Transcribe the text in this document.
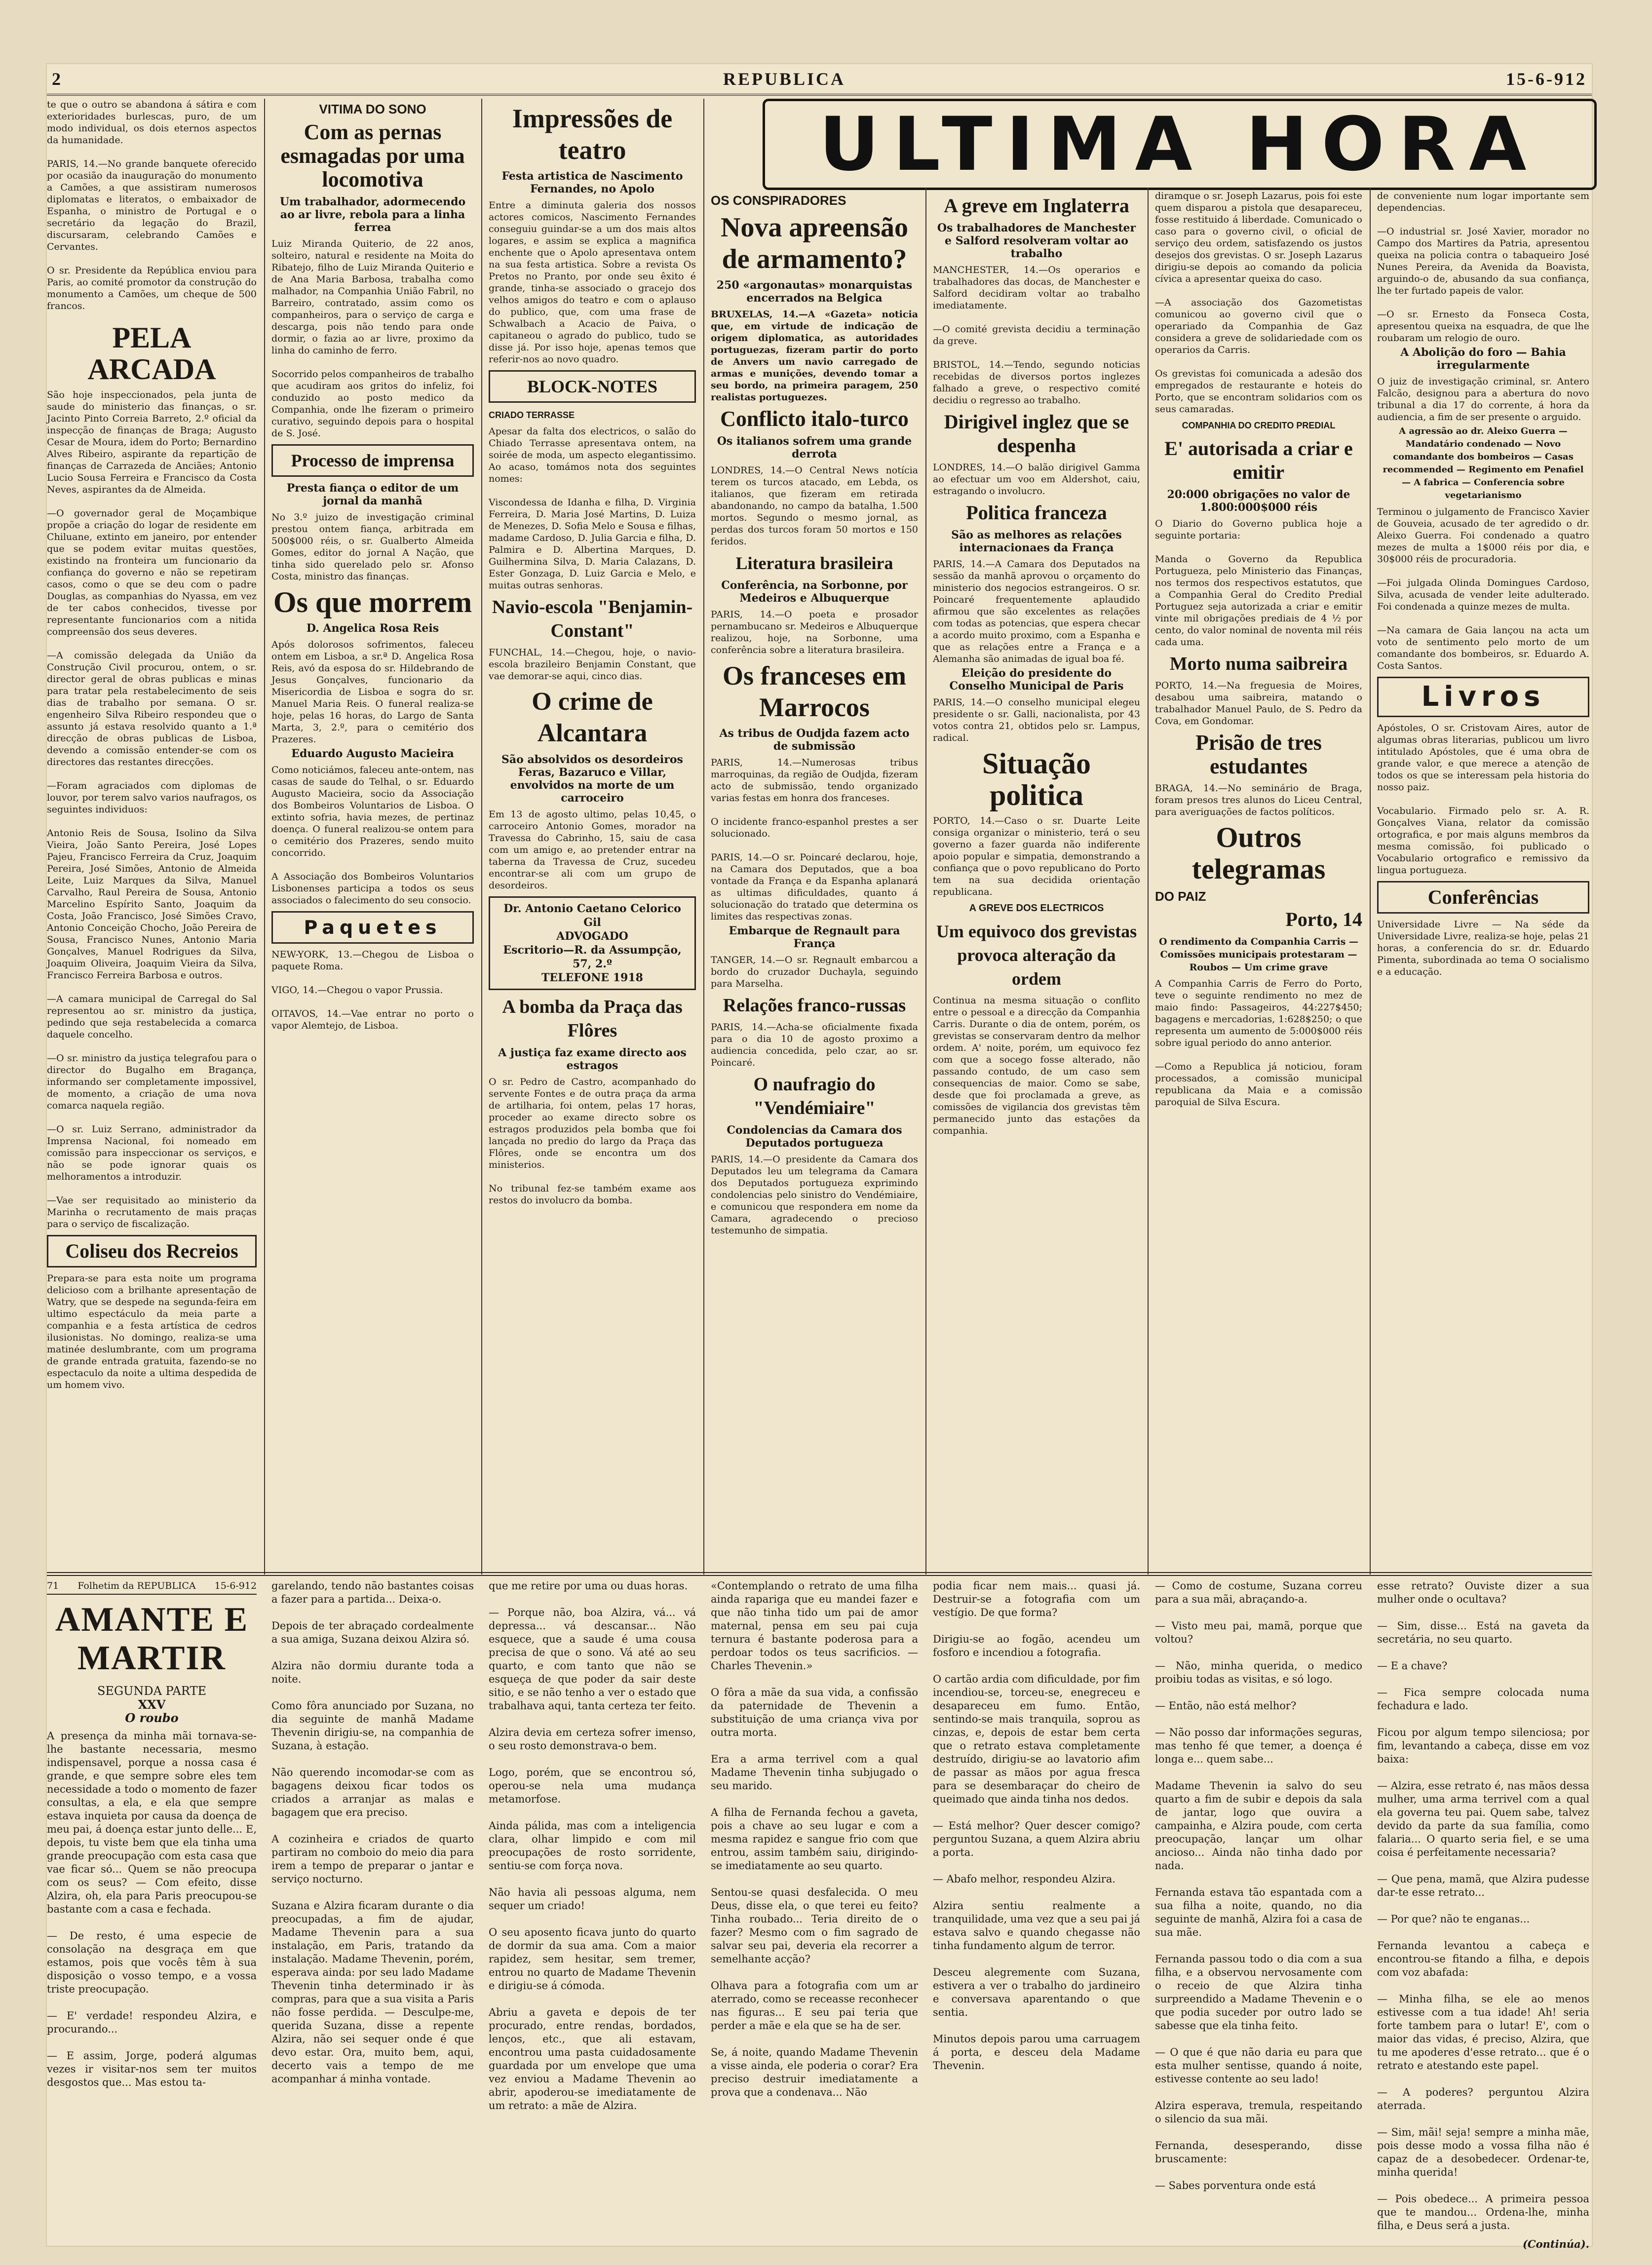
2	REPUBLICA	15-6-912
ULTIMA HORA
te que o outro se abandona á sátira e com exterioridades burlescas, puro, de um modo individual, os dois eternos aspectos da humanidade.

PARIS, 14.—No grande banquete oferecido por ocasião da inauguração do monumento a Camões, a que assistiram numerosos diplomatas e literatos, o embaixador de Espanha, o ministro de Portugal e o secretário da legação do Brazil, discursaram, celebrando Camões e Cervantes.

O sr. Presidente da República enviou para Paris, ao comité promotor da construção do monumento a Camões, um cheque de 500 francos.
PELA ARCADA
São hoje inspeccionados, pela junta de saude do ministerio das finanças, o sr. Jacinto Pinto Correia Barreto, 2.º oficial da inspecção de finanças de Braga; Augusto Cesar de Moura, idem do Porto; Bernardino Alves Ribeiro, aspirante da repartição de finanças de Carrazeda de Anciães; Antonio Lucio Sousa Ferreira e Francisco da Costa Neves, aspirantes da de Almeida.

—O governador geral de Moçambique propõe a criação do logar de residente em Chiluane, extinto em janeiro, por entender que se podem evitar muitas questões, existindo na fronteira um funcionario da confiança do governo e não se repetiram casos, como o que se deu com o padre Douglas, as companhias do Nyassa, em vez de ter cabos conhecidos, tivesse por representante funcionarios com a nitida compreensão dos seus deveres.

—A comissão delegada da União da Construção Civil procurou, ontem, o sr. director geral de obras publicas e minas para tratar pela restabelecimento de seis dias de trabalho por semana. O sr. engenheiro Silva Ribeiro respondeu que o assunto já estava resolvido quanto a 1.ª direcção de obras publicas de Lisboa, devendo a comissão entender-se com os directores das restantes direcções.

—Foram agraciados com diplomas de louvor, por terem salvo varios naufragos, os seguintes individuos:

Antonio Reis de Sousa, Isolino da Silva Vieira, João Santo Pereira, José Lopes Pajeu, Francisco Ferreira da Cruz, Joaquim Pereira, José Simões, Antonio de Almeida Leite, Luiz Marques da Silva, Manuel Carvalho, Raul Pereira de Sousa, Antonio Marcelino Espírito Santo, Joaquim da Costa, João Francisco, José Simões Cravo, Antonio Conceição Chocho, João Pereira de Sousa, Francisco Nunes, Antonio Maria Gonçalves, Manuel Rodrigues da Silva, Joaquim Oliveira, Joaquim Vieira da Silva, Francisco Ferreira Barbosa e outros.

—A camara municipal de Carregal do Sal representou ao sr. ministro da justiça, pedindo que seja restabelecida a comarca daquele concelho.

—O sr. ministro da justiça telegrafou para o director do Bugalho em Bragança, informando ser completamente impossivel, de momento, a criação de uma nova comarca naquela região.

—O sr. Luiz Serrano, administrador da Imprensa Nacional, foi nomeado em comissão para inspeccionar os serviços, e não se pode ignorar quais os melhoramentos a introduzir.

—Vae ser requisitado ao ministerio da Marinha o recrutamento de mais praças para o serviço de fiscalização.
Coliseu dos Recreios
Prepara-se para esta noite um programa delicioso com a brilhante apresentação de Watry, que se despede na segunda-feira em ultimo espectáculo da meia parte a companhia e a festa artística de cedros ilusionistas. No domingo, realiza-se uma matinée deslumbrante, com um programa de grande entrada gratuita, fazendo-se no espectaculo da noite a ultima despedida de um homem vivo.
VITIMA DO SONO
Com as pernas esmagadas por uma locomotiva
Um trabalhador, adormecendo ao ar livre, rebola para a linha ferrea
Luiz Miranda Quiterio, de 22 anos, solteiro, natural e residente na Moita do Ribatejo, filho de Luiz Miranda Quiterio e de Ana Maria Barbosa, trabalha como malhador, na Companhia União Fabril, no Barreiro, contratado, assim como os companheiros, para o serviço de carga e descarga, pois não tendo para onde dormir, o fazia ao ar livre, proximo da linha do caminho de ferro.

Socorrido pelos companheiros de trabalho que acudiram aos gritos do infeliz, foi conduzido ao posto medico da Companhia, onde lhe fizeram o primeiro curativo, seguindo depois para o hospital de S. José.
Processo de imprensa
Presta fiança o editor de um jornal da manhã
No 3.º juizo de investigação criminal prestou ontem fiança, arbitrada em 500$000 réis, o sr. Gualberto Almeida Gomes, editor do jornal A Nação, que tinha sido querelado pelo sr. Afonso Costa, ministro das finanças.
Os que morrem
D. Angelica Rosa Reis
Após dolorosos sofrimentos, faleceu ontem em Lisboa, a sr.ª D. Angelica Rosa Reis, avó da esposa do sr. Hildebrando de Jesus Gonçalves, funcionario da Misericordia de Lisboa e sogra do sr. Manuel Maria Reis. O funeral realiza-se hoje, pelas 16 horas, do Largo de Santa Marta, 3, 2.º, para o cemitério dos Prazeres.
Eduardo Augusto Macieira
Como noticiámos, faleceu ante-ontem, nas casas de saude do Telhal, o sr. Eduardo Augusto Macieira, socio da Associação dos Bombeiros Voluntarios de Lisboa. O extinto sofria, havia mezes, de pertinaz doença. O funeral realizou-se ontem para o cemitério dos Prazeres, sendo muito concorrido.

A Associação dos Bombeiros Voluntarios Lisbonenses participa a todos os seus associados o falecimento do seu consocio.
Paquetes
NEW-YORK, 13.—Chegou de Lisboa o paquete Roma.

VIGO, 14.—Chegou o vapor Prussia.

OITAVOS, 14.—Vae entrar no porto o vapor Alemtejo, de Lisboa.
Impressões de teatro
Festa artistica de Nascimento Fernandes, no Apolo
Entre a diminuta galeria dos nossos actores comicos, Nascimento Fernandes conseguiu guindar-se a um dos mais altos logares, e assim se explica a magnifica enchente que o Apolo apresentava ontem na sua festa artistica. Sobre a revista Os Pretos no Pranto, por onde seu êxito é grande, tinha-se associado o gracejo dos velhos amigos do teatro e com o aplauso do publico, que, com uma frase de Schwalbach a Acacio de Paiva, o capitaneou o agrado do publico, tudo se disse já. Por isso hoje, apenas temos que referir-nos ao novo quadro.
BLOCK-NOTES
CRIADO TERRASSE
Apesar da falta dos electricos, o salão do Chiado Terrasse apresentava ontem, na soirée de moda, um aspecto elegantissimo. Ao acaso, tomámos nota dos seguintes nomes:

Viscondessa de Idanha e filha, D. Virginia Ferreira, D. Maria José Martins, D. Luiza de Menezes, D. Sofia Melo e Sousa e filhas, madame Cardoso, D. Julia Garcia e filha, D. Palmira e D. Albertina Marques, D. Guilhermina Silva, D. Maria Calazans, D. Ester Gonzaga, D. Luiz Garcia e Melo, e muitas outras senhoras.
Navio-escola "Benjamin-Constant"
FUNCHAL, 14.—Chegou, hoje, o navio-escola brazileiro Benjamin Constant, que vae demorar-se aqui, cinco dias.
O crime de Alcantara
São absolvidos os desordeiros Feras, Bazaruco e Villar, envolvidos na morte de um carroceiro
Em 13 de agosto ultimo, pelas 10,45, o carroceiro Antonio Gomes, morador na Travessa do Cabrinho, 15, saiu de casa com um amigo e, ao pretender entrar na taberna da Travessa de Cruz, sucedeu encontrar-se ali com um grupo de desordeiros.
Dr. Antonio Caetano Celorico Gil
ADVOGADO
Escritorio—R. da Assumpção, 57, 2.º
TELEFONE 1918
A bomba da Praça das Flôres
A justiça faz exame directo aos estragos
O sr. Pedro de Castro, acompanhado do servente Fontes e de outra praça da arma de artilharia, foi ontem, pelas 17 horas, proceder ao exame directo sobre os estragos produzidos pela bomba que foi lançada no predio do largo da Praça das Flôres, onde se encontra um dos ministerios.

No tribunal fez-se também exame aos restos do involucro da bomba.
OS CONSPIRADORES
Nova apreensão de armamento?
250 «argonautas» monarquistas encerrados na Belgica
BRUXELAS, 14.—A «Gazeta» noticia que, em virtude de indicação de origem diplomatica, as autoridades portuguezas, fizeram partir do porto de Anvers um navio carregado de armas e munições, devendo tomar a seu bordo, na primeira paragem, 250 realistas portuguezes.
Conflicto italo-turco
Os italianos sofrem uma grande derrota
LONDRES, 14.—O Central News notícia terem os turcos atacado, em Lebda, os italianos, que fizeram em retirada abandonando, no campo da batalha, 1.500 mortos. Segundo o mesmo jornal, as perdas dos turcos foram 50 mortos e 150 feridos.
Literatura brasileira
Conferência, na Sorbonne, por Medeiros e Albuquerque
PARIS, 14.—O poeta e prosador pernambucano sr. Medeiros e Albuquerque realizou, hoje, na Sorbonne, uma conferência sobre a literatura brasileira.
Os franceses em Marrocos
As tribus de Oudjda fazem acto de submissão
PARIS, 14.—Numerosas tribus marroquinas, da região de Oudjda, fizeram acto de submissão, tendo organizado varias festas em honra dos franceses.

O incidente franco-espanhol prestes a ser solucionado.

PARIS, 14.—O sr. Poincaré declarou, hoje, na Camara dos Deputados, que a boa vontade da França e da Espanha aplanará as ultimas dificuldades, quanto á solucionação do tratado que determina os limites das respectivas zonas.
Embarque de Regnault para França
TANGER, 14.—O sr. Regnault embarcou a bordo do cruzador Duchayla, seguindo para Marselha.
Relações franco-russas
PARIS, 14.—Acha-se oficialmente fixada para o dia 10 de agosto proximo a audiencia concedida, pelo czar, ao sr. Poincaré.
O naufragio do "Vendémiaire"
Condolencias da Camara dos Deputados portugueza
PARIS, 14.—O presidente da Camara dos Deputados leu um telegrama da Camara dos Deputados portugueza exprimindo condolencias pelo sinistro do Vendémiaire, e comunicou que respondera em nome da Camara, agradecendo o precioso testemunho de simpatia.
A greve em Inglaterra
Os trabalhadores de Manchester e Salford resolveram voltar ao trabalho
MANCHESTER, 14.—Os operarios e trabalhadores das docas, de Manchester e Salford decidiram voltar ao trabalho imediatamente.

—O comité grevista decidiu a terminação da greve.

BRISTOL, 14.—Tendo, segundo noticias recebidas de diversos portos inglezes falhado a greve, o respectivo comité decidiu o regresso ao trabalho.
Dirigivel inglez que se despenha
LONDRES, 14.—O balão dirigivel Gamma ao efectuar um voo em Aldershot, caiu, estragando o involucro.
Politica franceza
São as melhores as relações internacionaes da França
PARIS, 14.—A Camara dos Deputados na sessão da manhã aprovou o orçamento do ministerio dos negocios estrangeiros. O sr. Poincaré frequentemente aplaudido afirmou que são excelentes as relações com todas as potencias, que espera checar a acordo muito proximo, com a Espanha e que as relações entre a França e a Alemanha são animadas de igual boa fé.
Eleição do presidente do Conselho Municipal de Paris
PARIS, 14.—O conselho municipal elegeu presidente o sr. Galli, nacionalista, por 43 votos contra 21, obtidos pelo sr. Lampus, radical.
Situação politica
PORTO, 14.—Caso o sr. Duarte Leite consiga organizar o ministerio, terá o seu governo a fazer guarda não indiferente apoio popular e simpatia, demonstrando a confiança que o povo republicano do Porto tem na sua decidida orientação republicana.
A GREVE DOS ELECTRICOS
Um equivoco dos grevistas provoca alteração da ordem
Continua na mesma situação o conflito entre o pessoal e a direcção da Companhia Carris. Durante o dia de ontem, porém, os grevistas se conservaram dentro da melhor ordem. A' noite, porém, um equivoco fez com que a socego fosse alterado, não passando contudo, de um caso sem consequencias de maior. Como se sabe, desde que foi proclamada a greve, as comissões de vigilancia dos grevistas têm permanecido junto das estações da companhia.
diramque o sr. Joseph Lazarus, pois foi este quem disparou a pistola que desapareceu, fosse restituido á liberdade. Comunicado o caso para o governo civil, o oficial de serviço deu ordem, satisfazendo os justos desejos dos grevistas. O sr. Joseph Lazarus dirigiu-se depois ao comando da policia cívica a apresentar queixa do caso.

—A associação dos Gazometistas comunicou ao governo civil que o operariado da Companhia de Gaz considera a greve de solidariedade com os operarios da Carris.

Os grevistas foi comunicada a adesão dos empregados de restaurante e hoteis do Porto, que se encontram solidarios com os seus camaradas.
COMPANHIA DO CREDITO PREDIAL
E' autorisada a criar e emitir
20:000 obrigações no valor de 1.800:000$000 réis
O Diario do Governo publica hoje a seguinte portaria:

Manda o Governo da Republica Portugueza, pelo Ministerio das Finanças, nos termos dos respectivos estatutos, que a Companhia Geral do Credito Predial Portuguez seja autorizada a criar e emitir vinte mil obrigações prediais de 4 ½ por cento, do valor nominal de noventa mil réis cada uma.
Morto numa saibreira
PORTO, 14.—Na freguesia de Moires, desabou uma saibreira, matando o trabalhador Manuel Paulo, de S. Pedro da Cova, em Gondomar.
Prisão de tres estudantes
BRAGA, 14.—No seminário de Braga, foram presos tres alunos do Liceu Central, para averiguações de factos políticos.
Outros telegramas
DO PAIZ
Porto, 14
O rendimento da Companhia Carris — Comissões municipais protestaram — Roubos — Um crime grave
A Companhia Carris de Ferro do Porto, teve o seguinte rendimento no mez de maio findo: Passageiros, 44:227$450; bagagens e mercadorias, 1:628$250; o que representa um aumento de 5:000$000 réis sobre igual periodo do anno anterior.

—Como a Republica já noticiou, foram processados, a comissão municipal republicana da Maia e a comissão paroquial de Silva Escura.
de conveniente num logar importante sem dependencias.

—O industrial sr. José Xavier, morador no Campo dos Martires da Patria, apresentou queixa na policia contra o tabaqueiro José Nunes Pereira, da Avenida da Boavista, arguindo-o de, abusando da sua confiança, lhe ter furtado papeis de valor.

—O sr. Ernesto da Fonseca Costa, apresentou queixa na esquadra, de que lhe roubaram um relogio de ouro.
A Abolição do foro — Bahia irregularmente
O juiz de investigação criminal, sr. Antero Falcão, designou para a abertura do novo tribunal a dia 17 do corrente, á hora da audiencia, a fim de ser presente o arguido.
A agressão ao dr. Aleixo Guerra — Mandatário condenado — Novo comandante dos bombeiros — Casas recommended — Regimento em Penafiel — A fabrica — Conferencia sobre vegetarianismo
Terminou o julgamento de Francisco Xavier de Gouveia, acusado de ter agredido o dr. Aleixo Guerra. Foi condenado a quatro mezes de multa a 1$000 réis por dia, e 30$000 réis de procuradoria.

—Foi julgada Olinda Domingues Cardoso, Silva, acusada de vender leite adulterado. Foi condenada a quinze mezes de multa.

—Na camara de Gaia lançou na acta um voto de sentimento pelo morto de um comandante dos bombeiros, sr. Eduardo A. Costa Santos.
Livros
Apóstoles, O sr. Cristovam Aires, autor de algumas obras literarias, publicou um livro intitulado Apóstoles, que é uma obra de grande valor, e que merece a atenção de todos os que se interessam pela historia do nosso paiz.

Vocabulario. Firmado pelo sr. A. R. Gonçalves Viana, relator da comissão ortografica, e por mais alguns membros da mesma comissão, foi publicado o Vocabulario ortografico e remissivo da lingua portugueza.
Conferências
Universidade Livre — Na séde da Universidade Livre, realiza-se hoje, pelas 21 horas, a conferencia do sr. dr. Eduardo Pimenta, subordinada ao tema O socialismo e a educação.
71 Folhetim da REPUBLICA 15-6-912
AMANTE E MARTIR
SEGUNDA PARTE
XXV
O roubo
A presença da minha mãi tornava-se-lhe bastante necessaria, mesmo indispensavel, porque a nossa casa é grande, e que sempre sobre eles tem necessidade a todo o momento de fazer consultas, a ela, e ela que sempre estava inquieta por causa da doença de meu pai, á doença estar junto delle... E, depois, tu viste bem que ela tinha uma grande preocupação com esta casa que vae ficar só... Quem se não preocupa com os seus? — Com efeito, disse Alzira, oh, ela para Paris preocupou-se bastante com a casa e fechada.

— De resto, é uma especie de consolação na desgraça em que estamos, pois que vocês têm à sua disposição o vosso tempo, e a vossa triste preocupação.

— E' verdade! respondeu Alzira, e procurando...

— E assim, Jorge, poderá algumas vezes ir visitar-nos sem ter muitos desgostos que... Mas estou ta-
garelando, tendo não bastantes coisas a fazer para a partida... Deixa-o.

Depois de ter abraçado cordealmente a sua amiga, Suzana deixou Alzira só.

Alzira não dormiu durante toda a noite.

Como fôra anunciado por Suzana, no dia seguinte de manhã Madame Thevenin dirigiu-se, na companhia de Suzana, à estação.

Não querendo incomodar-se com as bagagens deixou ficar todos os criados a arranjar as malas e bagagem que era preciso.

A cozinheira e criados de quarto partiram no comboio do meio dia para irem a tempo de preparar o jantar e serviço nocturno.

Suzana e Alzira ficaram durante o dia preocupadas, a fim de ajudar, Madame Thevenin para a sua instalação, em Paris, tratando da instalação. Madame Thevenin, porém, esperava ainda: por seu lado Madame Thevenin tinha determinado ir às compras, para que a sua visita a Paris não fosse perdida. — Desculpe-me, querida Suzana, disse a repente Alzira, não sei sequer onde é que devo estar. Ora, muito bem, aqui, decerto vais a tempo de me acompanhar á minha vontade.
que me retire por uma ou duas horas.

— Porque não, boa Alzira, vá... vá depressa... vá descansar... Não esquece, que a saude é uma cousa precisa de que o sono. Vá até ao seu quarto, e com tanto que não se esqueça de que poder da sair deste sitio, e se não tenho a ver o estado que trabalhava aqui, tanta certeza ter feito.

Alzira devia em certeza sofrer imenso, o seu rosto demonstrava-o bem.

Logo, porém, que se encontrou só, operou-se nela uma mudança metamorfose.

Ainda pálida, mas com a inteligencia clara, olhar limpido e com mil preocupações de rosto sorridente, sentiu-se com força nova.

Não havia ali pessoas alguma, nem sequer um criado!

O seu aposento ficava junto do quarto de dormir da sua ama. Com a maior rapidez, sem hesitar, sem tremer, entrou no quarto de Madame Thevenin e dirigiu-se á cómoda.

Abriu a gaveta e depois de ter procurado, entre rendas, bordados, lenços, etc., que ali estavam, encontrou uma pasta cuidadosamente guardada por um envelope que uma vez enviou a Madame Thevenin ao abrir, apoderou-se imediatamente de um retrato: a mãe de Alzira.
«Contemplando o retrato de uma filha ainda rapariga que eu mandei fazer e que não tinha tido um pai de amor maternal, pensa em seu pai cuja ternura é bastante poderosa para a perdoar todos os teus sacrificios. — Charles Thevenin.»

O fôra a mãe da sua vida, a confissão da paternidade de Thevenin a substituição de uma criança viva por outra morta.

Era a arma terrivel com a qual Madame Thevenin tinha subjugado o seu marido.

A filha de Fernanda fechou a gaveta, pois a chave ao seu lugar e com a mesma rapidez e sangue frio com que entrou, assim também saiu, dirigindo-se imediatamente ao seu quarto.

Sentou-se quasi desfalecida. O meu Deus, disse ela, o que terei eu feito? Tinha roubado... Teria direito de o fazer? Mesmo com o fim sagrado de salvar seu pai, deveria ela recorrer a semelhante acção?

Olhava para a fotografia com um ar aterrado, como se receasse reconhecer nas figuras... E seu pai teria que perder a mãe e ela que se ha de ser.

Se, á noite, quando Madame Thevenin a visse ainda, ele poderia o corar? Era preciso destruir imediatamente a prova que a condenava... Não
podia ficar nem mais... quasi já. Destruir-se a fotografia com um vestígio. De que forma?

Dirigiu-se ao fogão, acendeu um fosforo e incendiou a fotografia.

O cartão ardia com dificuldade, por fim incendiou-se, torceu-se, enegreceu e desapareceu em fumo. Então, sentindo-se mais tranquila, soprou as cinzas, e, depois de estar bem certa que o retrato estava completamente destruído, dirigiu-se ao lavatorio afim de passar as mãos por agua fresca para se desembaraçar do cheiro de queimado que ainda tinha nos dedos.

— Está melhor? Quer descer comigo? perguntou Suzana, a quem Alzira abriu a porta.

— Abafo melhor, respondeu Alzira.

Alzira sentiu realmente a tranquilidade, uma vez que a seu pai já estava salvo e quando chegasse não tinha fundamento algum de terror.

Desceu alegremente com Suzana, estivera a ver o trabalho do jardineiro e conversava aparentando o que sentia.

Minutos depois parou uma carruagem á porta, e desceu dela Madame Thevenin.
— Como de costume, Suzana correu para a sua mãi, abraçando-a.

— Visto meu pai, mamã, porque que voltou?

— Não, minha querida, o medico proibiu todas as visitas, e só logo.

— Então, não está melhor?

— Não posso dar informações seguras, mas tenho fé que temer, a doença é longa e... quem sabe...

Madame Thevenin ia salvo do seu quarto a fim de subir e depois da sala de jantar, logo que ouvira a campainha, e Alzira poude, com certa preocupação, lançar um olhar ancioso... Ainda não tinha dado por nada.

Fernanda estava tão espantada com a sua filha a noite, quando, no dia seguinte de manhã, Alzira foi a casa de sua mãe.

Fernanda passou todo o dia com a sua filha, e a observou nervosamente com o receio de que Alzira tinha surpreendido a Madame Thevenin e o que podia suceder por outro lado se sabesse que ela tinha feito.

— O que é que não daria eu para que esta mulher sentisse, quando á noite, estivesse contente ao seu lado!

Alzira esperava, tremula, respeitando o silencio da sua mãi.

Fernanda, desesperando, disse bruscamente:

— Sabes porventura onde está
esse retrato? Ouviste dizer a sua mulher onde o ocultava?

— Sim, disse... Está na gaveta da secretária, no seu quarto.

— E a chave?

— Fica sempre colocada numa fechadura e lado.

Ficou por algum tempo silenciosa; por fim, levantando a cabeça, disse em voz baixa:

— Alzira, esse retrato é, nas mãos dessa mulher, uma arma terrivel com a qual ela governa teu pai. Quem sabe, talvez devido da parte da sua família, como falaria... O quarto seria fiel, e se uma coisa é perfeitamente necessaria?

— Que pena, mamã, que Alzira pudesse dar-te esse retrato...

— Por que? não te enganas...

Fernanda levantou a cabeça e encontrou-se fitando a filha, e depois com voz abafada:

— Minha filha, se ele ao menos estivesse com a tua idade! Ah! seria forte tambem para o lutar! E', com o maior das vidas, é preciso, Alzira, que tu me apoderes d'esse retrato... que é o retrato e atestando este papel.

— A poderes? perguntou Alzira aterrada.

— Sim, mãi! seja! sempre a minha mãe, pois desse modo a vossa filha não é capaz de a desobedecer. Ordenar-te, minha querida!

— Pois obedece... A primeira pessoa que te mandou... Ordena-lhe, minha filha, e Deus será a justa.
(Continúa).
